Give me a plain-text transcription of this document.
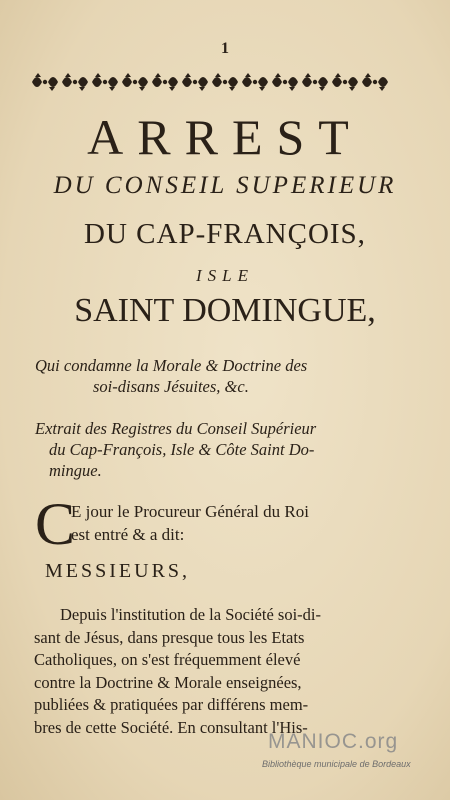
1
ARREST
DU CONSEIL SUPERIEUR
DU CAP-FRANÇOIS,
ISLE
SAINT DOMINGUE,
Qui condamne la Morale & Doctrine des
soi-disans Jésuites, &c.
Extrait des Registres du Conseil Supérieur

du Cap-François, Isle & Côte Saint Do-
mingue.
C
E jour le Procureur Général du Roi
est entré & a dit:
MESSIEURS,
Depuis l'institution de la Société soi-di-
sant de Jésus, dans presque tous les Etats
Catholiques, on s'est fréquemment élevé
contre la Doctrine & Morale enseignées,
publiées & pratiquées par différens mem-
bres de cette Société. En consultant l'His-
MANIOC.org
Bibliothèque municipale de Bordeaux
